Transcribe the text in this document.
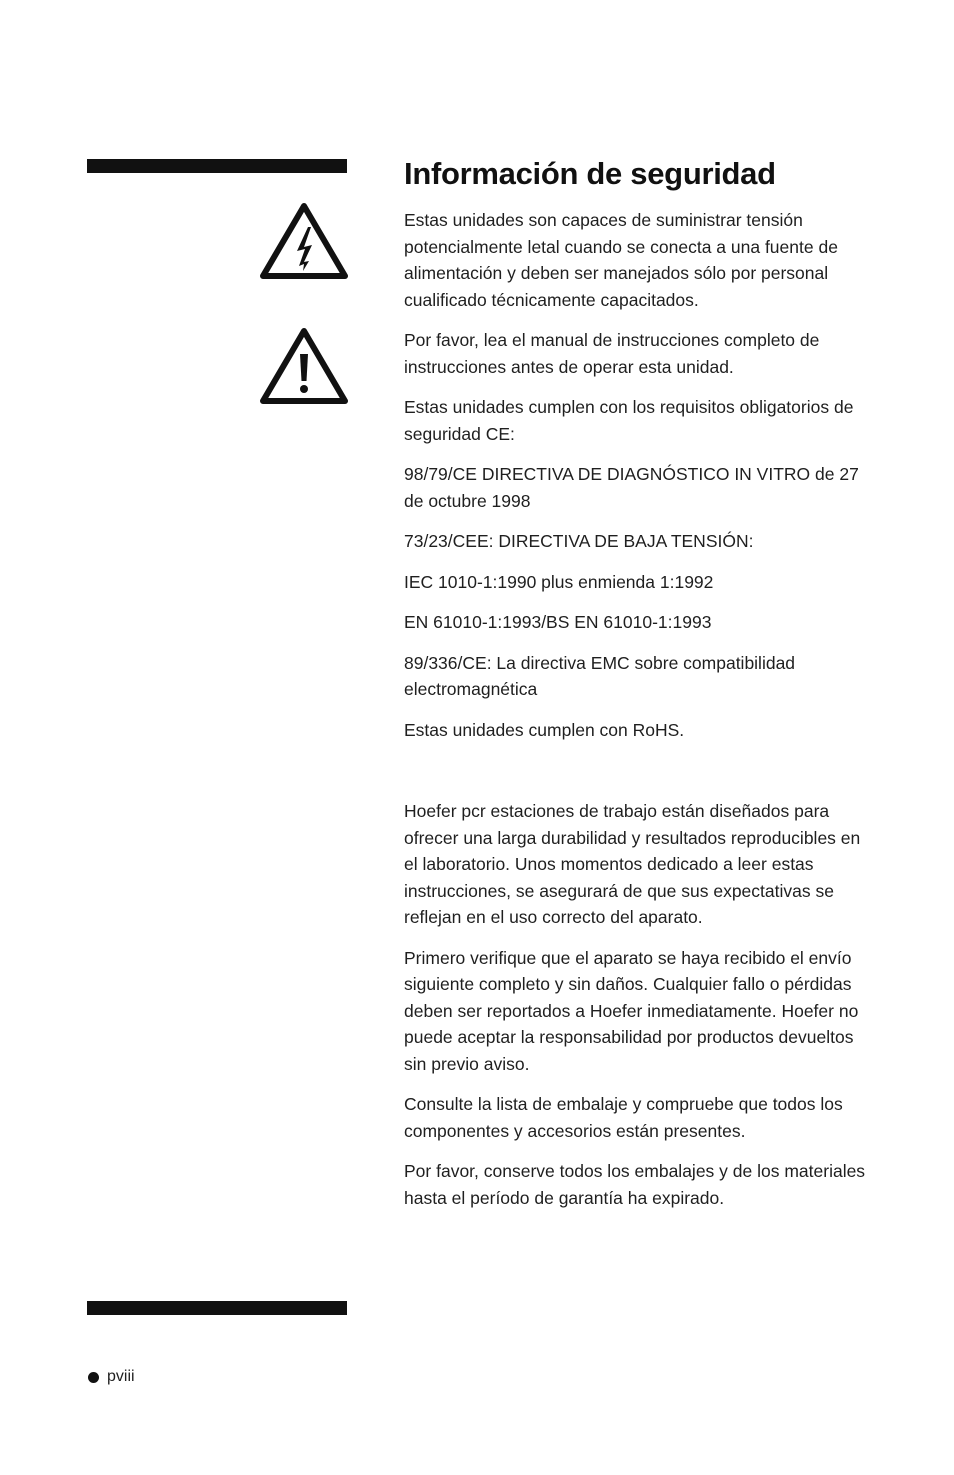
Información de seguridad

Estas unidades son capaces de suministrar tensión potencialmente letal cuando se conecta a una fuente de alimentación y deben ser manejados sólo por personal cualificado técnicamente capacitados.

Por favor, lea el manual de instrucciones completo de instrucciones antes de operar esta unidad.

Estas unidades cumplen con los requisitos obligatorios de seguridad CE:

98/79/CE DIRECTIVA DE DIAGNÓSTICO IN VITRO de 27 de octubre 1998

73/23/CEE: DIRECTIVA DE BAJA TENSIÓN:

IEC 1010-1:1990 plus enmienda 1:1992

EN 61010-1:1993/BS EN 61010-1:1993

89/336/CE: La directiva EMC sobre compatibilidad electromagnética

Estas unidades cumplen con RoHS.

Hoefer pcr estaciones de trabajo están diseñados para ofrecer una larga durabilidad y resultados reproducibles en el laboratorio. Unos momentos dedicado a leer estas instrucciones, se asegurará de que sus expectativas se reflejan en el uso correcto del aparato.

Primero verifique que el aparato se haya recibido el envío siguiente completo y sin daños. Cualquier fallo o pérdidas deben ser reportados a Hoefer inmediatamente. Hoefer no puede aceptar la responsabilidad por productos devueltos sin previo aviso.

Consulte la lista de embalaje y compruebe que todos los componentes y accesorios están presentes.

Por favor, conserve todos los embalajes y de los materiales hasta el período de garantía ha expirado.

pviii
